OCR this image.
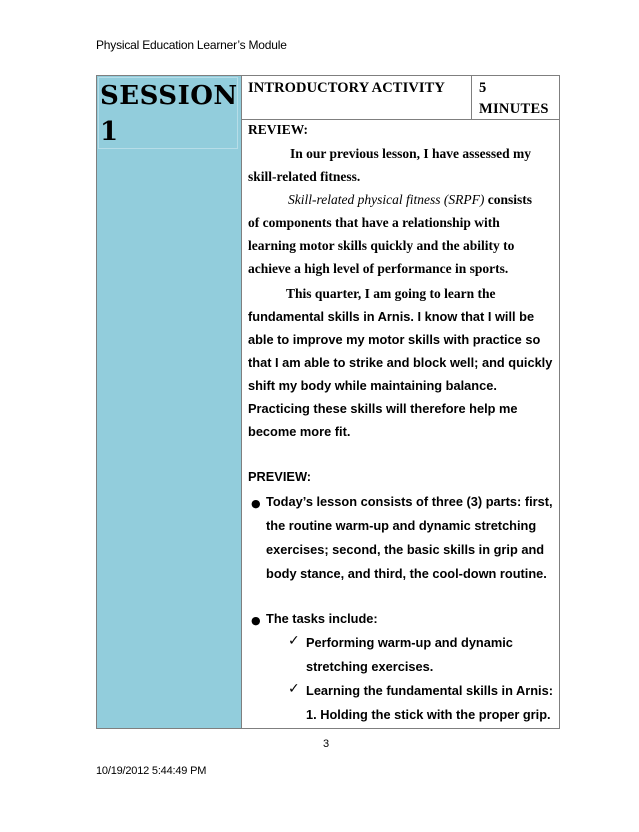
Physical Education Learner’s Module
SESSION
1
INTRODUCTORY ACTIVITY 5
MINUTES
REVIEW:
In our previous lesson, I have assessed my
skill-related fitness.
Skill-related physical fitness (SRPF) consists
of components that have a relationship with
learning motor skills quickly and the ability to
achieve a high level of performance in sports.
This quarter, I am going to learn the
fundamental skills in Arnis. I know that I will be
able to improve my motor skills with practice so
that I am able to strike and block well; and quickly
shift my body while maintaining balance.
Practicing these skills will therefore help me
become more fit.
PREVIEW:
● Today’s lesson consists of three (3) parts: first,
the routine warm-up and dynamic stretching
exercises; second, the basic skills in grip and
body stance, and third, the cool-down routine.
● The tasks include:
✓ Performing warm-up and dynamic
stretching exercises.
✓ Learning the fundamental skills in Arnis:
1. Holding the stick with the proper grip.
3
10/19/2012 5:44:49 PM
